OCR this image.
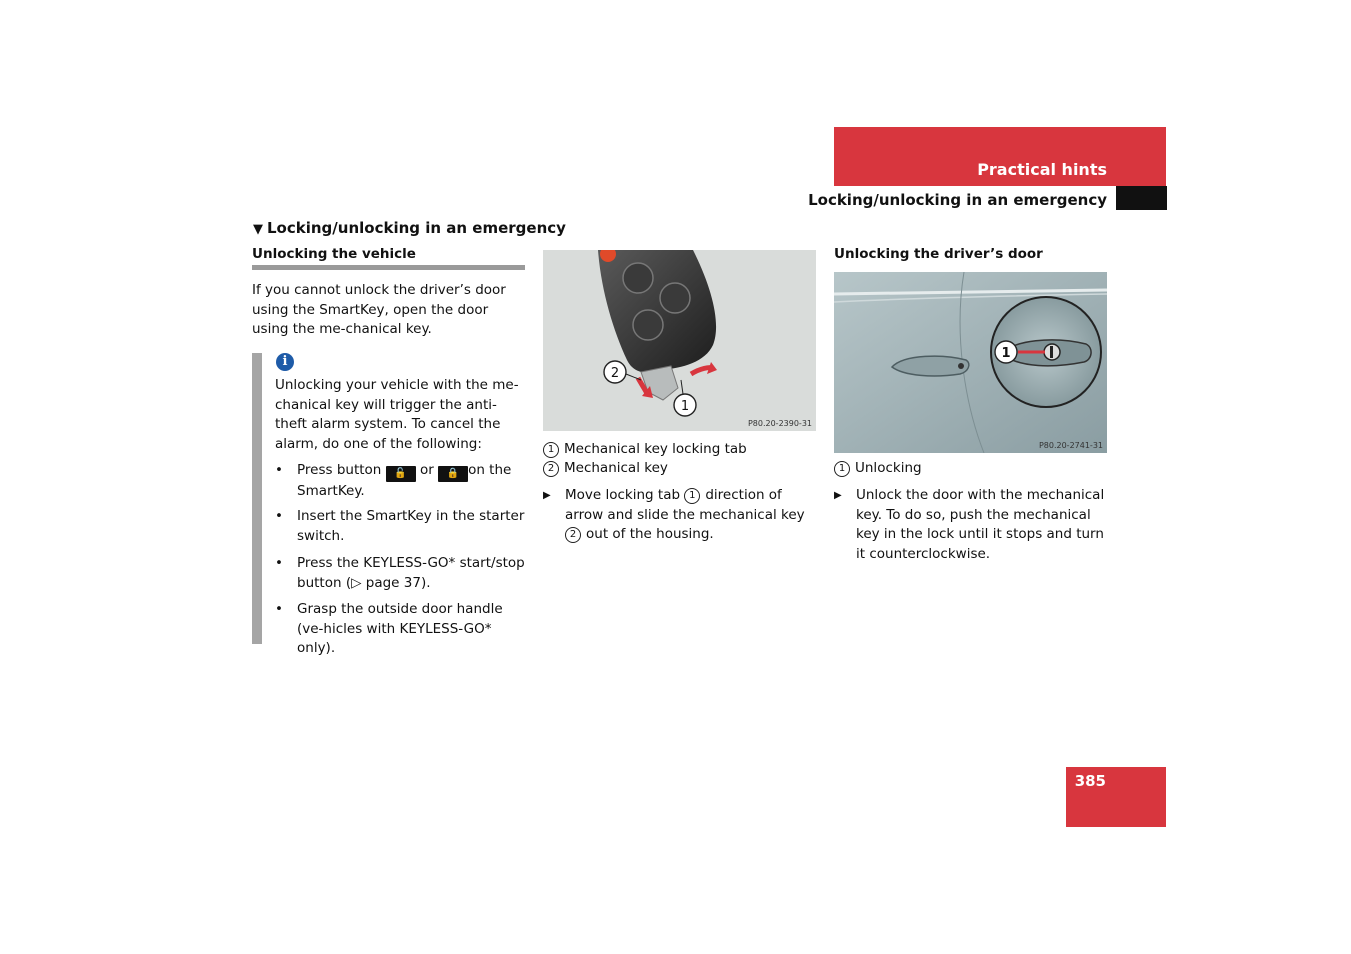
Practical hints
Locking/unlocking in an emergency
▼ Locking/unlocking in an emergency
Unlocking the vehicle
If you cannot unlock the driver’s door using the SmartKey, open the door using the me-chanical key.
i
Unlocking your vehicle with the me-chanical key will trigger the anti-theft alarm system. To cancel the alarm, do one of the following:
• Press button 🔓 or 🔒 on the SmartKey.
• Insert the SmartKey in the starter switch.
• Press the KEYLESS-GO* start/stop button (▷ page 37).
• Grasp the outside door handle (ve-hicles with KEYLESS-GO* only).
2
1
P80.20-2390-31
1 Mechanical key locking tab
2 Mechanical key
▶ Move locking tab 1 direction of arrow and slide the mechanical key 2 out of the housing.
Unlocking the driver’s door
1
P80.20-2741-31
1 Unlocking
▶ Unlock the door with the mechanical key. To do so, push the mechanical key in the lock until it stops and turn it counterclockwise.
385
